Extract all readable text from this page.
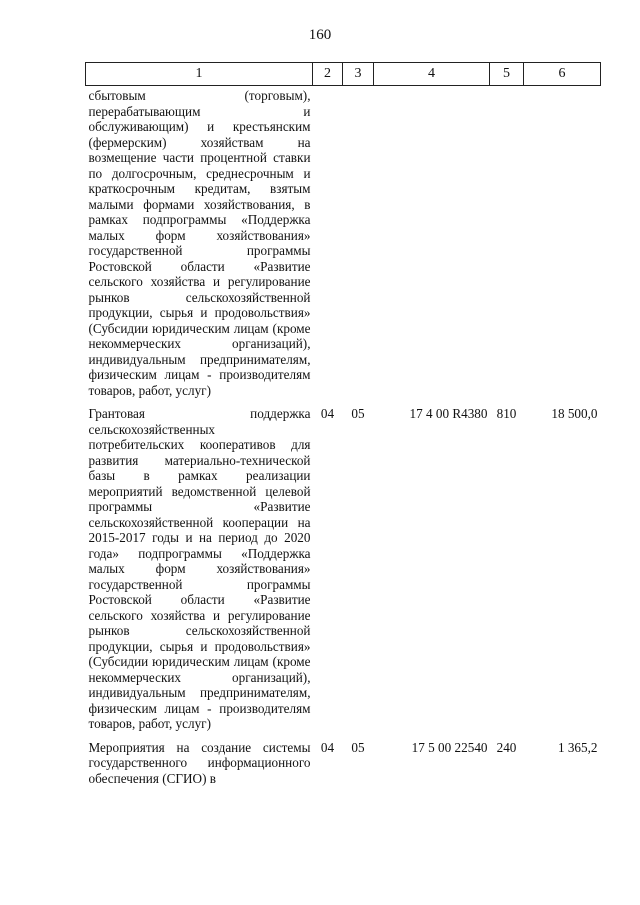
160
1	2	3	4	5	6
сбытовым (торговым), перерабатывающим и обслуживающим) и крестьянским (фермерским) хозяйствам на возмещение части процентной ставки по долгосрочным, среднесрочным и краткосрочным кредитам, взятым малыми формами хозяйствования, в рамках подпрограммы «Поддержка малых форм хозяйствования» государственной программы Ростовской области «Развитие сельского хозяйства и регулирование рынков сельскохозяйственной продукции, сырья и продовольствия» (Субсидии юридическим лицам (кроме некоммерческих организаций), индивидуальным предпринимателям, физическим лицам - производителям товаров, работ, услуг)					

Грантовая поддержка сельскохозяйственных потребительских кооперативов для развития материально-технической базы в рамках реализации мероприятий ведомственной целевой программы «Развитие сельскохозяйственной кооперации на 2015-2017 годы и на период до 2020 года» подпрограммы «Поддержка малых форм хозяйствования» государственной программы Ростовской области «Развитие сельского хозяйства и регулирование рынков сельскохозяйственной продукции, сырья и продовольствия» (Субсидии юридическим лицам (кроме некоммерческих организаций), индивидуальным предпринимателям, физическим лицам - производителям товаров, работ, услуг)	04	05	17 4 00 R4380	810	18 500,0

Мероприятия на создание системы государственного информационного обеспечения (СГИО) в	04	05	17 5 00 22540	240	1 365,2
